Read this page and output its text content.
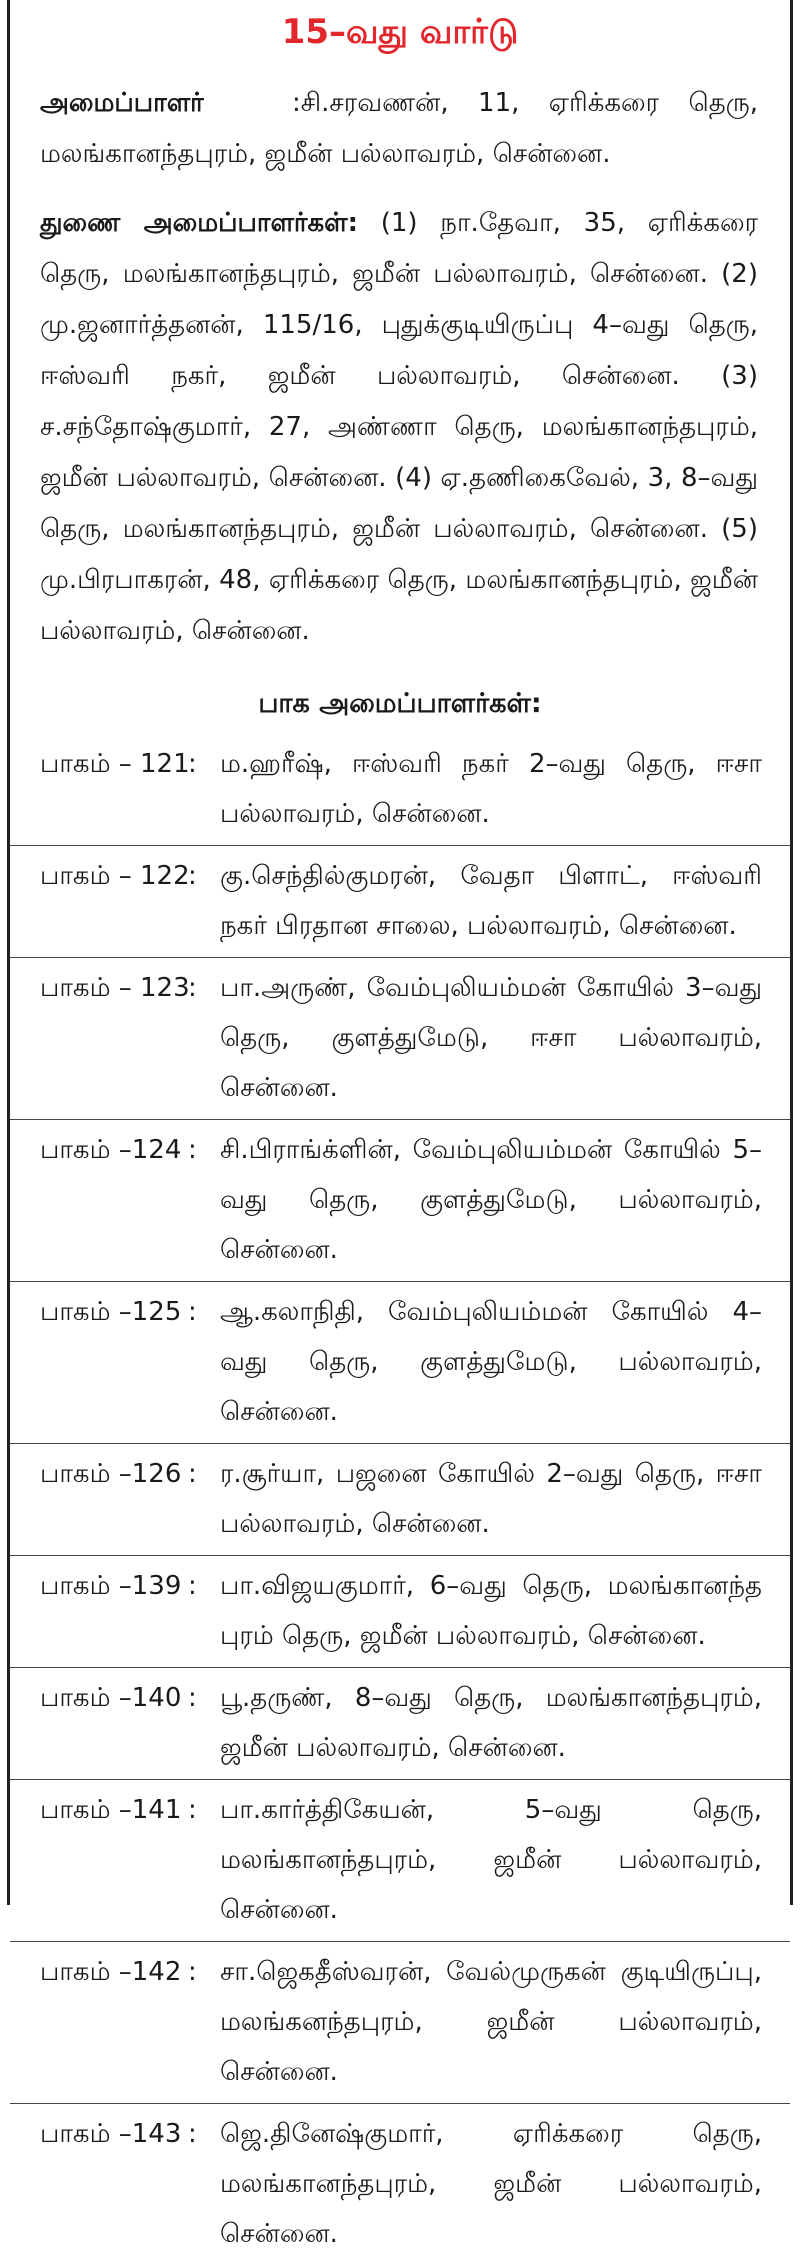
15–வது வார்டு

அமைப்பாளர்	:சி.சரவணன், 11, ஏரிக்கரை தெரு, மலங்கானந்தபுரம், ஜமீன் பல்லாவரம், சென்னை.

துணை அமைப்பாளர்கள்: (1) நா.தேவா, 35, ஏரிக்கரை தெரு, மலங்கானந்தபுரம், ஜமீன் பல்லாவரம், சென்னை. (2) மு.ஜனார்த்தனன், 115/16, புதுக்குடியிருப்பு 4–வது தெரு, ஈஸ்வரி நகர், ஜமீன் பல்லாவரம், சென்னை. (3) ச.சந்தோஷ்குமார், 27, அண்ணா தெரு, மலங்கானந்தபுரம், ஜமீன் பல்லாவரம், சென்னை. (4) ஏ.தணிகைவேல், 3, 8–வது தெரு, மலங்கானந்தபுரம், ஜமீன் பல்லாவரம், சென்னை. (5) மு.பிரபாகரன், 48, ஏரிக்கரை தெரு, மலங்கானந்தபுரம், ஜமீன் பல்லாவரம், சென்னை.

பாக அமைப்பாளர்கள்:
பாகம் – 121
: ம.ஹரீஷ், ஈஸ்வரி நகர் 2–வது தெரு, ஈசா பல்லாவரம், சென்னை.
பாகம் – 122
: கு.செந்தில்குமரன், வேதா பிளாட், ஈஸ்வரி நகர் பிரதான சாலை, பல்லாவரம், சென்னை.
பாகம் – 123
: பா.அருண், வேம்புலியம்மன் கோயில் 3–வது தெரு, குளத்துமேடு, ஈசா பல்லாவரம், சென்னை.
பாகம் –124 : சி.பிராங்க்ளின், வேம்புலியம்மன் கோயில் 5–வது தெரு, குளத்துமேடு, பல்லாவரம், சென்னை.
பாகம் –125 : ஆ.கலாநிதி, வேம்புலியம்மன் கோயில் 4–வது தெரு, குளத்துமேடு, பல்லாவரம், சென்னை.
பாகம் –126 : ர.சூர்யா, பஜனை கோயில் 2–வது தெரு, ஈசா பல்லாவரம், சென்னை.
பாகம் –139 : பா.விஜயகுமார், 6–வது தெரு, மலங்கானந்த புரம் தெரு, ஜமீன் பல்லாவரம், சென்னை.
பாகம் –140 : பூ.தருண், 8–வது தெரு, மலங்கானந்தபுரம், ஜமீன் பல்லாவரம், சென்னை.
பாகம் –141 : பா.கார்த்திகேயன், 5–வது தெரு, மலங்கானந்தபுரம், ஜமீன் பல்லாவரம், சென்னை.
பாகம் –142 : சா.ஜெகதீஸ்வரன், வேல்முருகன் குடியிருப்பு, மலங்கனந்தபுரம், ஜமீன் பல்லாவரம், சென்னை.
பாகம் –143 : ஜெ.தினேஷ்குமார், ஏரிக்கரை தெரு, மலங்கானந்தபுரம், ஜமீன் பல்லாவரம், சென்னை.
